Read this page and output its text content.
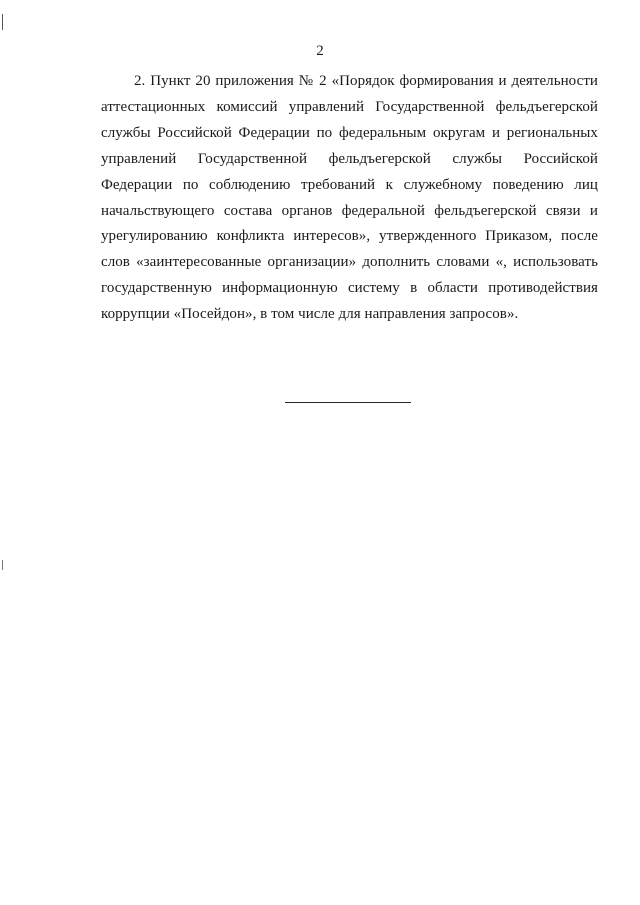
2

2. Пункт 20 приложения № 2 «Порядок формирования и деятельности аттестационных комиссий управлений Государственной фельдъегерской службы Российской Федерации по федеральным округам и региональных управлений Государственной фельдъегерской службы Российской Федерации по соблюдению требований к служебному поведению лиц начальствующего состава органов федеральной фельдъегерской связи и урегулированию конфликта интересов», утвержденного Приказом, после слов «заинтересованные организации» дополнить словами «, использовать государственную информационную систему в области противодействия коррупции «Посейдон», в том числе для направления запросов».
